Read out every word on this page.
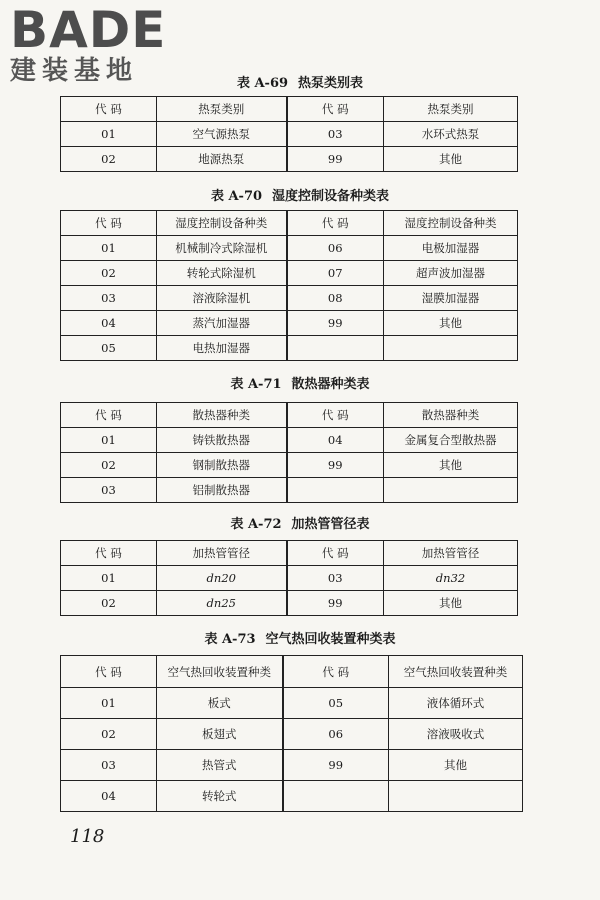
BADE
建装基地	表 A-69 热泵类别表
代 码	热泵类别	代 码	热泵类别
01	空气源热泵	03	水环式热泵
02	地源热泵	99	其他
表 A-70 湿度控制设备种类表
代 码	湿度控制设备种类	代 码	湿度控制设备种类
01	机械制冷式除湿机	06	电极加湿器
02	转轮式除湿机	07	超声波加湿器
03	溶液除湿机	08	湿膜加湿器
04	蒸汽加湿器	99	其他
05	电热加湿器		
表 A-71 散热器种类表
代 码	散热器种类	代 码	散热器种类
01	铸铁散热器	04	金属复合型散热器
02	钢制散热器	99	其他
03	铝制散热器		
表 A-72 加热管管径表
代 码	加热管管径	代 码	加热管管径
01	dn20	03	dn32
02	dn25	99	其他
表 A-73 空气热回收装置种类表
代 码	空气热回收装置种类	代 码	空气热回收装置种类
01	板式	05	液体循环式
02	板翅式	06	溶液吸收式
03	热管式	99	其他
04	转轮式		
118
